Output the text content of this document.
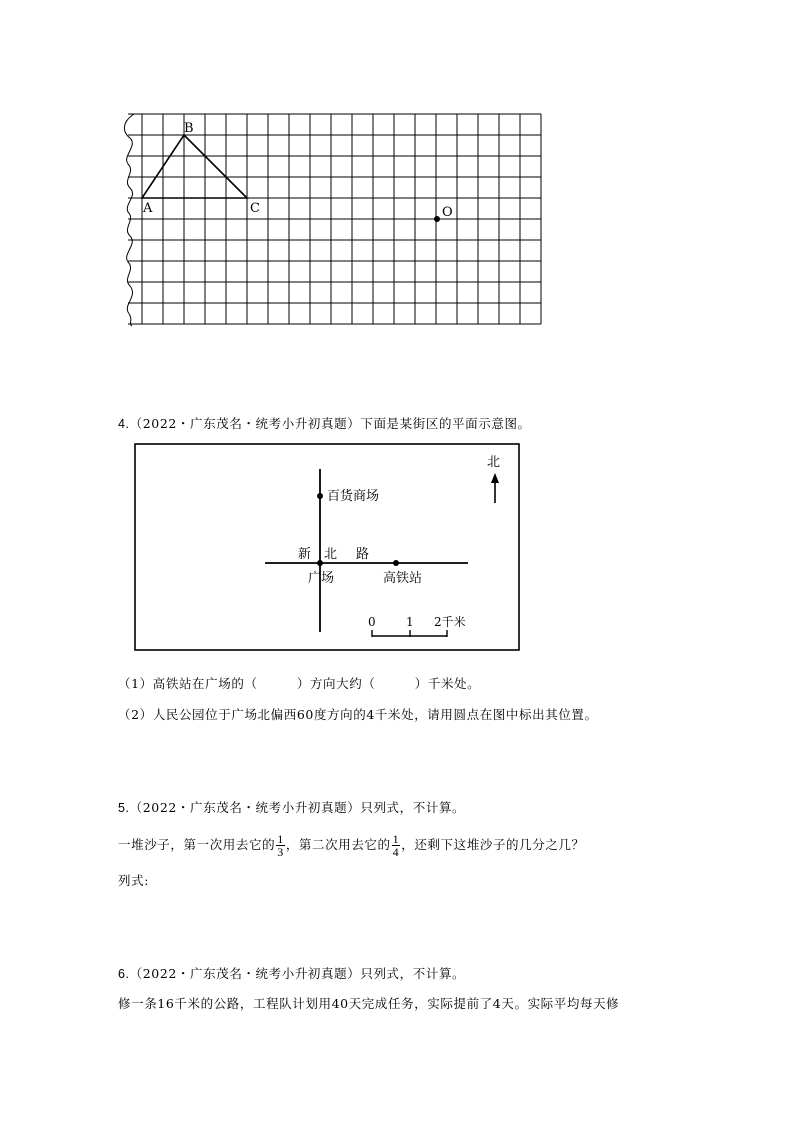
B
A	C	O
4.（2022・广东茂名・统考小升初真题）下面是某街区的平面示意图。
北
百货商场
新 北 路
广场	高铁站
0	1 2千米
（1）高铁站在广场的（　　　）方向大约（　　　）千米处。
（2）人民公园位于广场北偏西60度方向的4千米处，请用圆点在图中标出其位置。
5.（2022・广东茂名・统考小升初真题）只列式，不计算。
一堆沙子，第一次用去它的 $\frac{1}{3}$ ，第二次用去它的 $\frac{1}{4}$ ，还剩下这堆沙子的几分之几？
列式:
6.（2022・广东茂名・统考小升初真题）只列式，不计算。
修一条16千米的公路，工程队计划用40天完成任务，实际提前了4天。实际平均每天修
